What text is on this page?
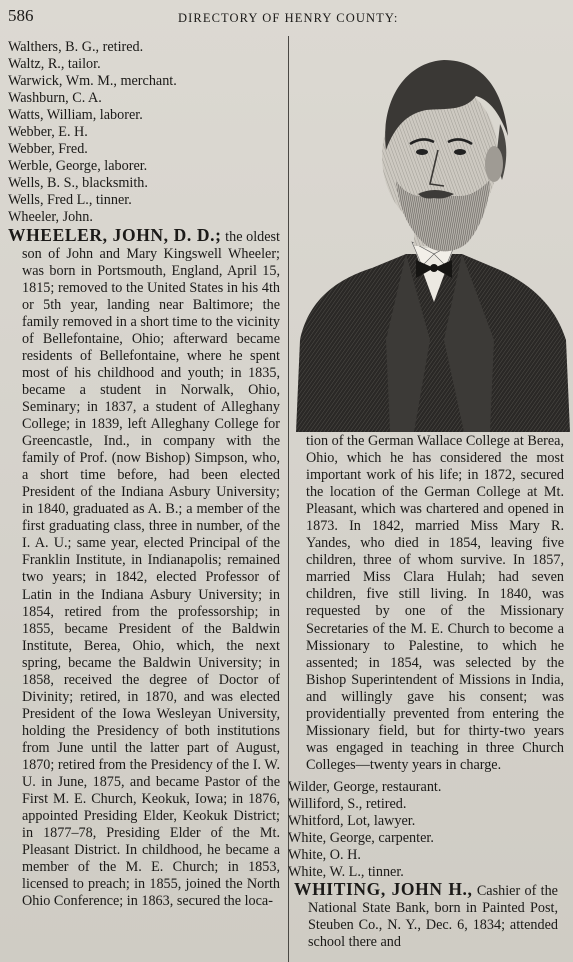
586	DIRECTORY OF HENRY COUNTY:
Walthers, B. G., retired.
Waltz, R., tailor.
Warwick, Wm. M., merchant.
Washburn, C. A.
Watts, William, laborer.
Webber, E. H.
Webber, Fred.
Werble, George, laborer.
Wells, B. S., blacksmith.
Wells, Fred L., tinner.
Wheeler, John.

WHEELER, JOHN, D. D.; the oldest son of John and Mary Kingswell Wheeler; was born in Portsmouth, England, April 15, 1815; removed to the United States in his 4th or 5th year, landing near Baltimore; the family removed in a short time to the vicinity of Bellefontaine, Ohio; afterward became residents of Bellefontaine, where he spent most of his childhood and youth; in 1835, became a student in Norwalk, Ohio, Seminary; in 1837, a student of Alleghany College; in 1839, left Alleghany College for Greencastle, Ind., in company with the family of Prof. (now Bishop) Simpson, who, a short time before, had been elected President of the Indiana Asbury University; in 1840, graduated as A. B.; a member of the first graduating class, three in number, of the I. A. U.; same year, elected Principal of the Franklin Institute, in Indianapolis; remained two years; in 1842, elected Professor of Latin in the Indiana Asbury University; in 1854, retired from the professorship; in 1855, became President of the Baldwin Institute, Berea, Ohio, which, the next spring, became the Baldwin University; in 1858, received the degree of Doctor of Divinity; retired, in 1870, and was elected President of the Iowa Wesleyan University, holding the Presidency of both institutions from June until the latter part of August, 1870; retired from the Presidency of the I. W. U. in June, 1875, and became Pastor of the First M. E. Church, Keokuk, Iowa; in 1876, appointed Presiding Elder, Keokuk District; in 1877–78, Presiding Elder of the Mt. Pleasant District. In childhood, he became a member of the M. E. Church; in 1853, licensed to preach; in 1855, joined the North Ohio Conference; in 1863, secured the loca-

tion of the German Wallace College at Berea, Ohio, which he has considered the most important work of his life; in 1872, secured the location of the German College at Mt. Pleasant, which was chartered and opened in 1873. In 1842, married Miss Mary R. Yandes, who died in 1854, leaving five children, three of whom survive. In 1857, married Miss Clara Hulah; had seven children, five still living. In 1840, was requested by one of the Missionary Secretaries of the M. E. Church to become a Missionary to Palestine, to which he assented; in 1854, was selected by the Bishop Superintendent of Missions in India, and willingly gave his consent; was providentially prevented from entering the Missionary field, but for thirty-two years was engaged in teaching in three Church Colleges—twenty years in charge.

Wilder, George, restaurant.
Williford, S., retired.
Whitford, Lot, lawyer.
White, George, carpenter.
White, O. H.
White, W. L., tinner.

WHITING, JOHN H., Cashier of the National State Bank, born in Painted Post, Steuben Co., N. Y., Dec. 6, 1834; attended school there and
